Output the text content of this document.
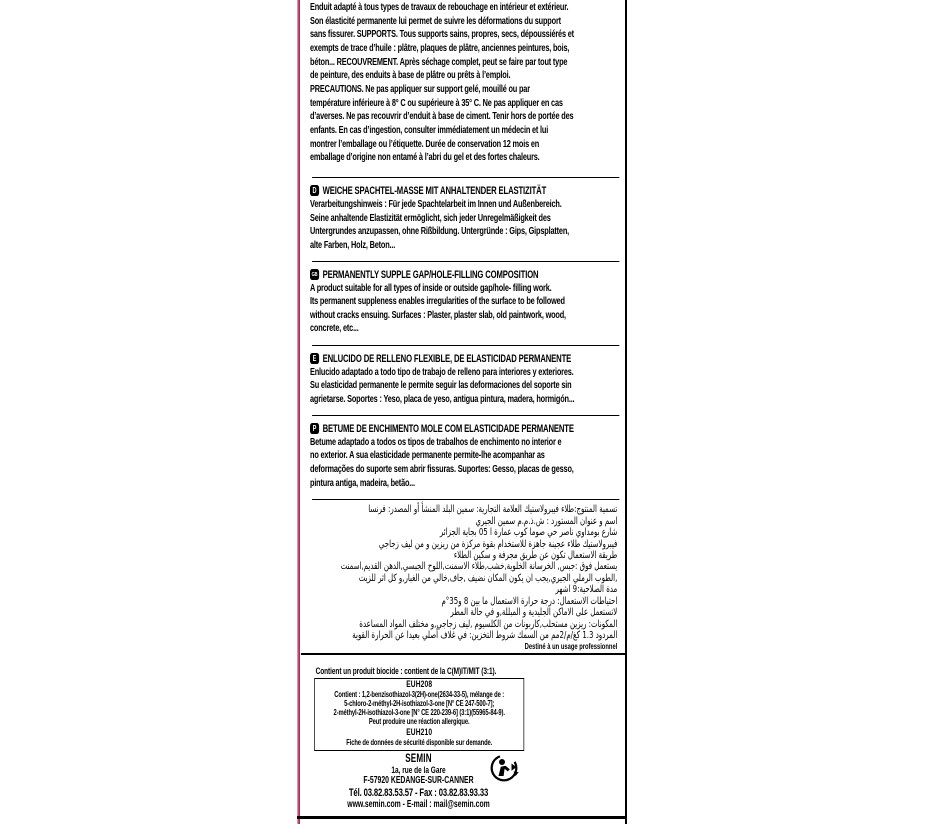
Enduit adapté à tous types de travaux de rebouchage en intérieur et extérieur.
Son élasticité permanente lui permet de suivre les déformations du support
sans fissurer. SUPPORTS. Tous supports sains, propres, secs, dépoussiérés et
exempts de trace d’huile : plâtre, plaques de plâtre, anciennes peintures, bois,
béton... RECOUVREMENT. Après séchage complet, peut se faire par tout type
de peinture, des enduits à base de plâtre ou prêts à l’emploi.
PRECAUTIONS. Ne pas appliquer sur support gelé, mouillé ou par
température inférieure à 8° C ou supérieure à 35° C. Ne pas appliquer en cas
d’averses. Ne pas recouvrir d’enduit à base de ciment. Tenir hors de portée des
enfants. En cas d’ingestion, consulter immédiatement un médecin et lui
montrer l’emballage ou l’étiquette. Durée de conservation 12 mois en
emballage d’origine non entamé à l’abri du gel et des fortes chaleurs.
D WEICHE SPACHTEL-MASSE MIT ANHALTENDER ELASTIZITÄT
Verarbeitungshinweis : Für jede Spachtelarbeit im Innen und Außenbereich.
Seine anhaltende Elastizität ermöglicht, sich jeder Unregelmäßigkeit des
Untergrundes anzupassen, ohne Rißbildung. Untergründe : Gips, Gipsplatten,
alte Farben, Holz, Beton...
GB PERMANENTLY SUPPLE GAP/HOLE-FILLING COMPOSITION
A product suitable for all types of inside or outside gap/hole- filling work.
Its permanent suppleness enables irregularities of the surface to be followed
without cracks ensuing. Surfaces : Plaster, plaster slab, old paintwork, wood,
concrete, etc...
E ENLUCIDO DE RELLENO FLEXIBLE, DE ELASTICIDAD PERMANENTE
Enlucido adaptado a todo tipo de trabajo de relleno para interiores y exteriores.
Su elasticidad permanente le permite seguir las deformaciones del soporte sin
agrietarse. Soportes : Yeso, placa de yeso, antigua pintura, madera, hormigón...
P BETUME DE ENCHIMENTO MOLE COM ELASTICIDADE PERMANENTE
Betume adaptado a todos os tipos de trabalhos de enchimento no interior e
no exterior. A sua elasticidade permanente permite-lhe acompanhar as
deformações do suporte sem abrir fissuras. Suportes: Gesso, placas de gesso,
pintura antiga, madeira, betão...
تسمية المنتوج:طلاء فيبرولاستيك العلامة التجارية: سمين البلد المنشأ أو المصدر: فرنسا
اسم و عنوان المستورد : ش.ذ.م.م سمين الجيري
شارع بومداوي ناصر حي صوما كوب عمارة ا 05 بجاية الجزائر
فيبرولاستيك طلاء عجينة جاهزة للاستخدام بقوة مركزة من ريزين و من ليف زجاجي
طريقة الاستعمال تكون عن طريق مجرفة و سكين الطلاء
يستعمل فوق :جبس, الخرسانة الخلوية,خشب,طلاء الاسمنت,اللوح الجبسي,الدهن القديم,اسمنت
,الطوب الرملي الجيري,يجب ان يكون المكان نضيف ,جاف,خالي من الغبار,و كل اثر للزيت
مدة الصلاحية:9 اشهر
احتياطات الاستعمال: درجة حرارة الاستعمال ما بين 8 و35°م
لاتستعمل على الاماكن الجليدية و المبللة,و في حالة المطر
المكونات: ريزين مستحلب,كاربونات من الكلسيوم ,ليف زجاجي,و مختلف المواد المساعدة
المردود 1.3 كغ/م/2مم من السمك شروط التخزين: في غلاف أصلي بعيدا عن الحرارة القوية
Destiné à un usage professionnel
Contient un produit biocide : contient de la C(M)IT/MIT (3:1).
EUH208
Contient : 1,2-benzisothiazol-3(2H)-one(2634-33-5), mélange de :
5-chloro-2-méthyl-2H-isothiazol-3-one [N° CE 247-500-7];
2-méthyl-2H-isothiazol-3-one [N° CE 220-239-6] (3:1)(55965-84-9).
Peut produire une réaction allergique.
EUH210
Fiche de données de sécurité disponible sur demande.
SEMIN
1a, rue de la Gare
F-57920 KEDANGE-SUR-CANNER
Tél. 03.82.83.53.57 - Fax : 03.82.83.93.33
www.semin.com - E-mail : mail@semin.com
